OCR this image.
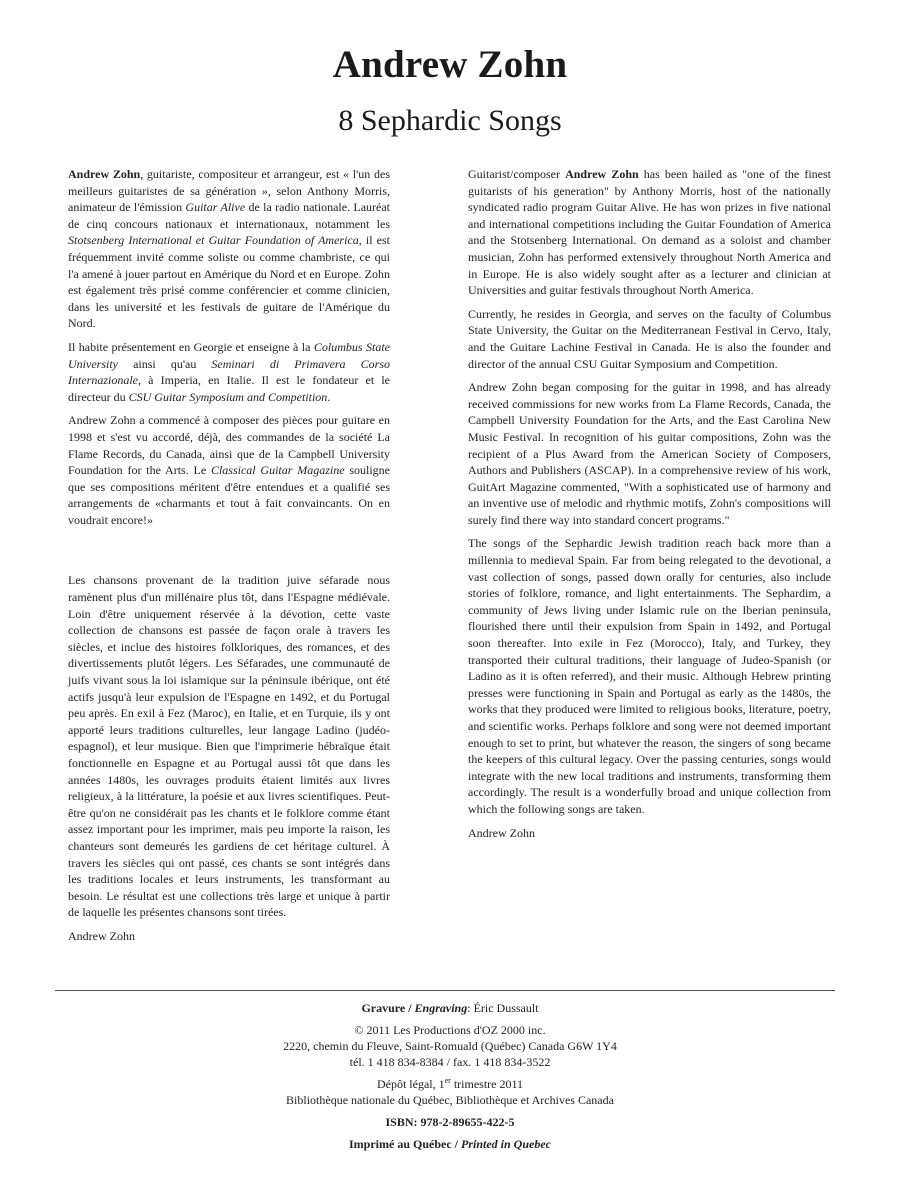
Andrew Zohn
8 Sephardic Songs

Andrew Zohn, guitariste, compositeur et arrangeur, est « l'un des meilleurs guitaristes de sa génération », selon Anthony Morris, animateur de l'émission Guitar Alive de la radio nationale. Lauréat de cinq concours nationaux et internationaux, notamment les Stotsenberg International et Guitar Foundation of America, il est fréquemment invité comme soliste ou comme chambriste, ce qui l'a amené à jouer partout en Amérique du Nord et en Europe. Zohn est également très prisé comme conférencier et comme clinicien, dans les université et les festivals de guitare de l'Amérique du Nord.

Il habite présentement en Georgie et enseigne à la Columbus State University ainsi qu'au Seminari di Primavera Corso Internazionale, à Imperia, en Italie. Il est le fondateur et le directeur du CSU Guitar Symposium and Competition.

Andrew Zohn a commencé à composer des pièces pour guitare en 1998 et s'est vu accordé, déjà, des commandes de la société La Flame Records, du Canada, ainsi que de la Campbell University Foundation for the Arts. Le Classical Guitar Magazine souligne que ses compositions méritent d'être entendues et a qualifié ses arrangements de «charmants et tout à fait convaincants. On en voudrait encore!»

Les chansons provenant de la tradition juive séfarade nous ramènent plus d'un millénaire plus tôt, dans l'Espagne médiévale. Loin d'être uniquement réservée à la dévotion, cette vaste collection de chansons est passée de façon orale à travers les siècles, et inclue des histoires folkloriques, des romances, et des divertissements plutôt légers. Les Séfarades, une communauté de juifs vivant sous la loi islamique sur la péninsule ibérique, ont été actifs jusqu'à leur expulsion de l'Espagne en 1492, et du Portugal peu après. En exil à Fez (Maroc), en Italie, et en Turquie, ils y ont apporté leurs traditions culturelles, leur langage Ladino (judéo-espagnol), et leur musique. Bien que l'imprimerie hébraïque était fonctionnelle en Espagne et au Portugal aussi tôt que dans les années 1480s, les ouvrages produits étaient limités aux livres religieux, à la littérature, la poésie et aux livres scientifiques. Peut-être qu'on ne considérait pas les chants et le folklore comme étant assez important pour les imprimer, mais peu importe la raison, les chanteurs sont demeurés les gardiens de cet héritage culturel. À travers les siècles qui ont passé, ces chants se sont intégrés dans les traditions locales et leurs instruments, les transformant au besoin. Le résultat est une collections très large et unique à partir de laquelle les présentes chansons sont tirées.

Andrew Zohn

Guitarist/composer Andrew Zohn has been hailed as "one of the finest guitarists of his generation" by Anthony Morris, host of the nationally syndicated radio program Guitar Alive. He has won prizes in five national and international competitions including the Guitar Foundation of America and the Stotsenberg International. On demand as a soloist and chamber musician, Zohn has performed extensively throughout North America and in Europe. He is also widely sought after as a lecturer and clinician at Universities and guitar festivals throughout North America.

Currently, he resides in Georgia, and serves on the faculty of Columbus State University, the Guitar on the Mediterranean Festival in Cervo, Italy, and the Guitare Lachine Festival in Canada. He is also the founder and director of the annual CSU Guitar Symposium and Competition.

Andrew Zohn began composing for the guitar in 1998, and has already received commissions for new works from La Flame Records, Canada, the Campbell University Foundation for the Arts, and the East Carolina New Music Festival. In recognition of his guitar compositions, Zohn was the recipient of a Plus Award from the American Society of Composers, Authors and Publishers (ASCAP). In a comprehensive review of his work, GuitArt Magazine commented, "With a sophisticated use of harmony and an inventive use of melodic and rhythmic motifs, Zohn's compositions will surely find there way into standard concert programs."

The songs of the Sephardic Jewish tradition reach back more than a millennia to medieval Spain. Far from being relegated to the devotional, a vast collection of songs, passed down orally for centuries, also include stories of folklore, romance, and light entertainments. The Sephardim, a community of Jews living under Islamic rule on the Iberian peninsula, flourished there until their expulsion from Spain in 1492, and Portugal soon thereafter. Into exile in Fez (Morocco), Italy, and Turkey, they transported their cultural traditions, their language of Judeo-Spanish (or Ladino as it is often referred), and their music. Although Hebrew printing presses were functioning in Spain and Portugal as early as the 1480s, the works that they produced were limited to religious books, literature, poetry, and scientific works. Perhaps folklore and song were not deemed important enough to set to print, but whatever the reason, the singers of song became the keepers of this cultural legacy. Over the passing centuries, songs would integrate with the new local traditions and instruments, transforming them accordingly. The result is a wonderfully broad and unique collection from which the following songs are taken.

Andrew Zohn

Gravure / Engraving: Éric Dussault
© 2011 Les Productions d'OZ 2000 inc.
2220, chemin du Fleuve, Saint-Romuald (Québec) Canada G6W 1Y4
tél. 1 418 834-8384 / fax. 1 418 834-3522
Dépôt légal, 1er trimestre 2011
Bibliothèque nationale du Québec, Bibliothèque et Archives Canada
ISBN: 978-2-89655-422-5
Imprimé au Québec / Printed in Quebec
